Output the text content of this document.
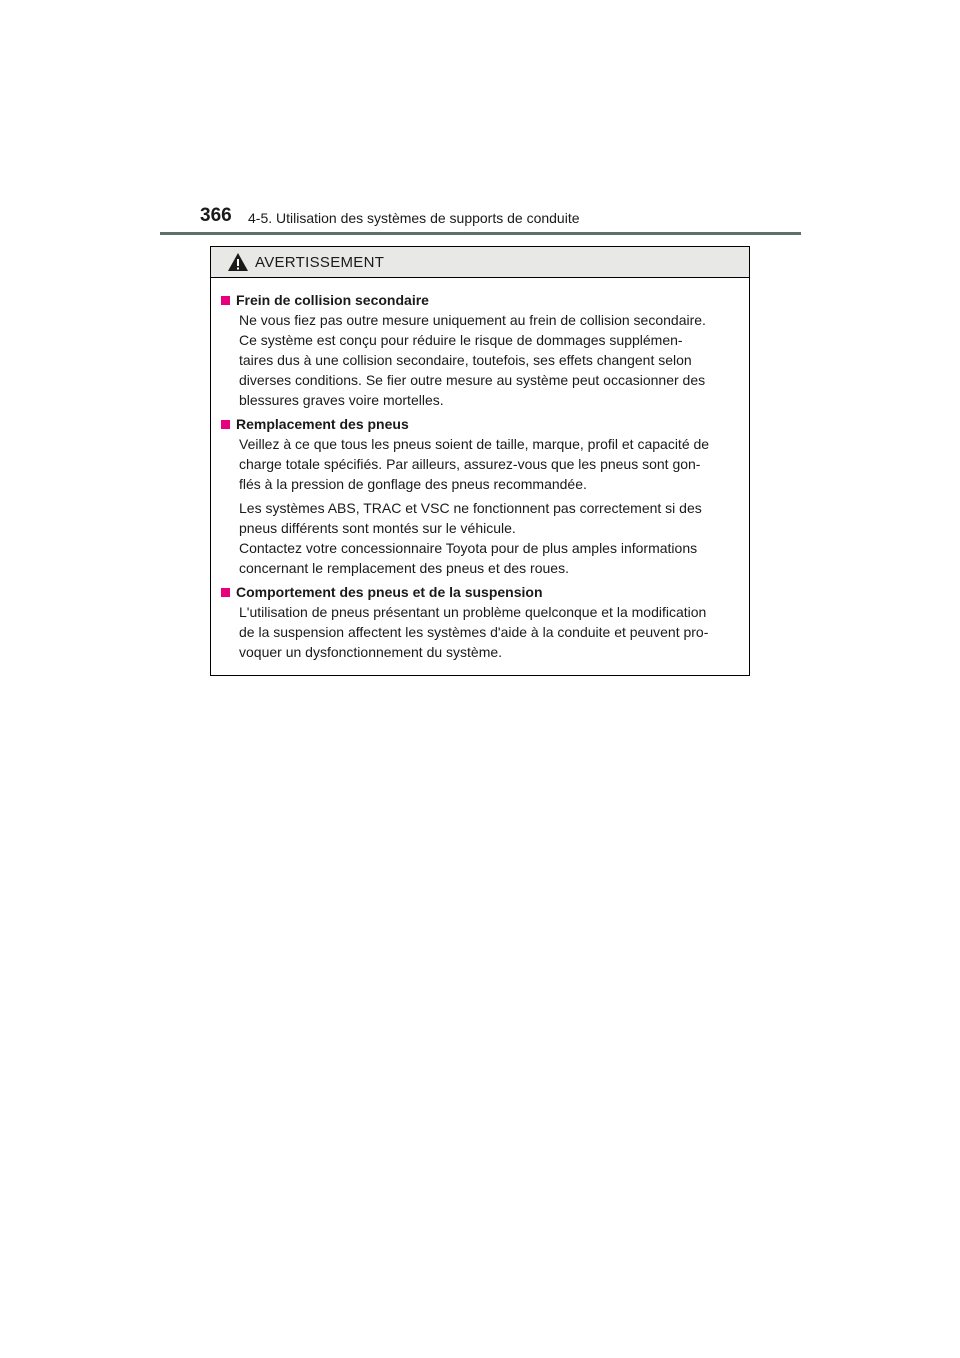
366 4-5. Utilisation des systèmes de supports de conduite
AVERTISSEMENT
Frein de collision secondaire

Ne vous fiez pas outre mesure uniquement au frein de collision secondaire.
Ce système est conçu pour réduire le risque de dommages supplémen-
taires dus à une collision secondaire, toutefois, ses effets changent selon
diverses conditions. Se fier outre mesure au système peut occasionner des
blessures graves voire mortelles.

Remplacement des pneus

Veillez à ce que tous les pneus soient de taille, marque, profil et capacité de
charge totale spécifiés. Par ailleurs, assurez-vous que les pneus sont gon-
flés à la pression de gonflage des pneus recommandée.

Les systèmes ABS, TRAC et VSC ne fonctionnent pas correctement si des
pneus différents sont montés sur le véhicule.
Contactez votre concessionnaire Toyota pour de plus amples informations
concernant le remplacement des pneus et des roues.

Comportement des pneus et de la suspension

L'utilisation de pneus présentant un problème quelconque et la modification
de la suspension affectent les systèmes d'aide à la conduite et peuvent pro-
voquer un dysfonctionnement du système.
